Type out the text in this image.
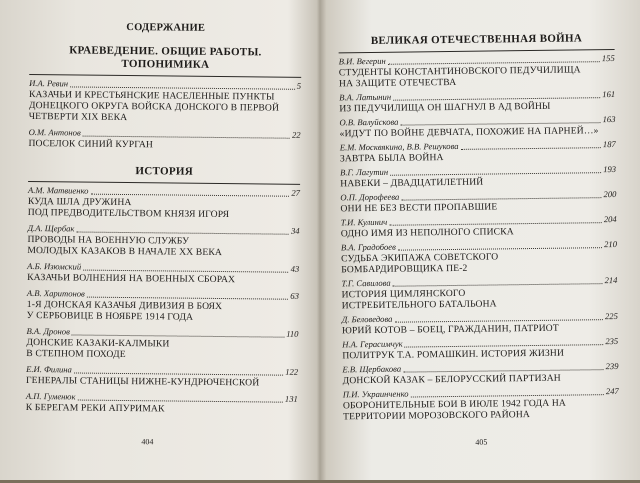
СОДЕРЖАНИЕ
КРАЕВЕДЕНИЕ. ОБЩИЕ РАБОТЫ.
ТОПОНИМИКА
И.А. Ревин	5
КАЗАЧЬИ И КРЕСТЬЯНСКИЕ НАСЕЛЕННЫЕ ПУНКТЫ
ДОНЕЦКОГО ОКРУГА ВОЙСКА ДОНСКОГО В ПЕРВОЙ
ЧЕТВЕРТИ XIX ВЕКА
О.М. Антонов	22
ПОСЕЛОК СИНИЙ КУРГАН
ИСТОРИЯ
А.М. Матвиенко	27
КУДА ШЛА ДРУЖИНА
ПОД ПРЕДВОДИТЕЛЬСТВОМ КНЯЗЯ ИГОРЯ
Д.А. Щербак	34
ПРОВОДЫ НА ВОЕННУЮ СЛУЖБУ
МОЛОДЫХ КАЗАКОВ В НАЧАЛЕ XX ВЕКА
А.Б. Изюмский	43
КАЗАЧЬИ ВОЛНЕНИЯ НА ВОЕННЫХ СБОРАХ
А.В. Харитонов	63
1-Я ДОНСКАЯ КАЗАЧЬЯ ДИВИЗИЯ В БОЯХ
У СЕРБОВИЦЕ В НОЯБРЕ 1914 ГОДА
В.А. Дронов	110
ДОНСКИЕ КАЗАКИ-КАЛМЫКИ
В СТЕПНОМ ПОХОДЕ
Е.И. Филина	122
ГЕНЕРАЛЫ СТАНИЦЫ НИЖНЕ-КУНДРЮЧЕНСКОЙ
А.П. Гуменюк	131
К БЕРЕГАМ РЕКИ АПУРИМАК
404
ВЕЛИКАЯ ОТЕЧЕСТВЕННАЯ ВОЙНА
В.И. Вегерин	155
СТУДЕНТЫ КОНСТАНТИНОВСКОГО ПЕДУЧИЛИЩА
НА ЗАЩИТЕ ОТЕЧЕСТВА
В.А. Латынин	161
ИЗ ПЕДУЧИЛИЩА ОН ШАГНУЛ В АД ВОЙНЫ
О.В. Валуйскова	163
«ИДУТ ПО ВОЙНЕ ДЕВЧАТА, ПОХОЖИЕ НА ПАРНЕЙ…»
Е.М. Москвякина, В.В. Решукова	187
ЗАВТРА БЫЛА ВОЙНА
В.Г. Лагутин	193
НАВЕКИ – ДВАДЦАТИЛЕТНИЙ
О.П. Дорофеева	200
ОНИ НЕ БЕЗ ВЕСТИ ПРОПАВШИЕ
Т.И. Кулинич	204
ОДНО ИМЯ ИЗ НЕПОЛНОГО СПИСКА
В.А. Градобоев	210
СУДЬБА ЭКИПАЖА СОВЕТСКОГО
БОМБАРДИРОВЩИКА ПЕ-2
Т.Г. Савилова	214
ИСТОРИЯ ЦИМЛЯНСКОГО
ИСТРЕБИТЕЛЬНОГО БАТАЛЬОНА
Д. Беловедова	225
ЮРИЙ КОТОВ – БОЕЦ, ГРАЖДАНИН, ПАТРИОТ
Н.А. Герасимчук	235
ПОЛИТРУК Т.А. РОМАШКИН. ИСТОРИЯ ЖИЗНИ
Е.В. Щербакова	239
ДОНСКОЙ КАЗАК – БЕЛОРУССКИЙ ПАРТИЗАН
П.И. Украинченко	247
ОБОРОНИТЕЛЬНЫЕ БОИ В ИЮЛЕ 1942 ГОДА НА
ТЕРРИТОРИИ МОРОЗОВСКОГО РАЙОНА
405
